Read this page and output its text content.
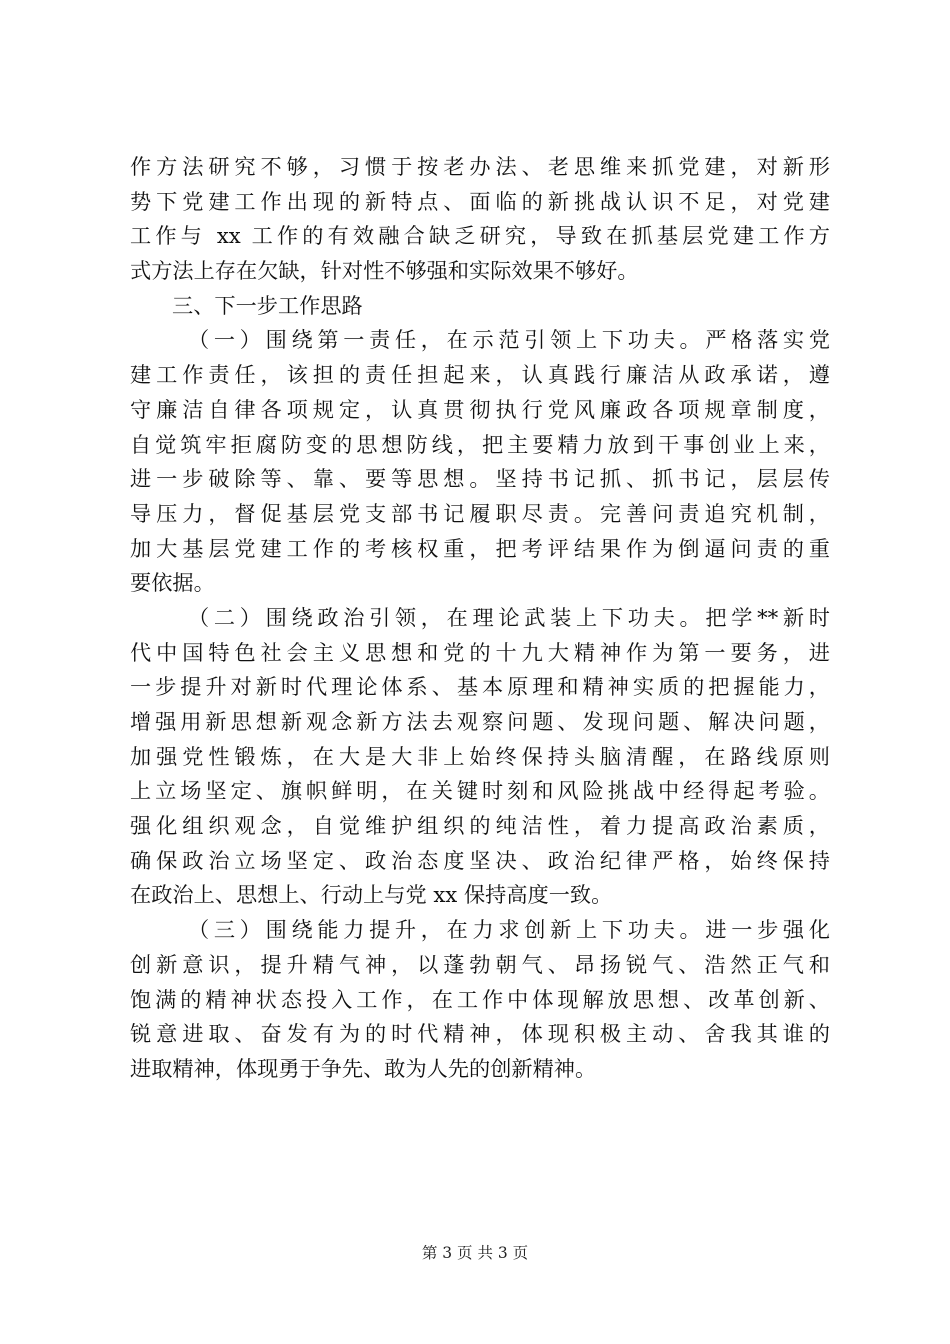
作方法研究不够，习惯于按老办法、老思维来抓党建，对新形
势下党建工作出现的新特点、面临的新挑战认识不足，对党建
工作与 xx 工作的有效融合缺乏研究，导致在抓基层党建工作方
式方法上存在欠缺，针对性不够强和实际效果不够好。
三、下一步工作思路
（一）围绕第一责任，在示范引领上下功夫。严格落实党
建工作责任，该担的责任担起来，认真践行廉洁从政承诺，遵
守廉洁自律各项规定，认真贯彻执行党风廉政各项规章制度，
自觉筑牢拒腐防变的思想防线，把主要精力放到干事创业上来，
进一步破除等、靠、要等思想。坚持书记抓、抓书记，层层传
导压力，督促基层党支部书记履职尽责。完善问责追究机制，
加大基层党建工作的考核权重，把考评结果作为倒逼问责的重
要依据。
（二）围绕政治引领，在理论武装上下功夫。把学**新时
代中国特色社会主义思想和党的十九大精神作为第一要务，进
一步提升对新时代理论体系、基本原理和精神实质的把握能力，
增强用新思想新观念新方法去观察问题、发现问题、解决问题，
加强党性锻炼，在大是大非上始终保持头脑清醒，在路线原则
上立场坚定、旗帜鲜明，在关键时刻和风险挑战中经得起考验。
强化组织观念，自觉维护组织的纯洁性，着力提高政治素质，
确保政治立场坚定、政治态度坚决、政治纪律严格，始终保持
在政治上、思想上、行动上与党 xx 保持高度一致。
（三）围绕能力提升，在力求创新上下功夫。进一步强化
创新意识，提升精气神，以蓬勃朝气、昂扬锐气、浩然正气和
饱满的精神状态投入工作，在工作中体现解放思想、改革创新、
锐意进取、奋发有为的时代精神，体现积极主动、舍我其谁的
进取精神，体现勇于争先、敢为人先的创新精神。
第 3 页 共 3 页
